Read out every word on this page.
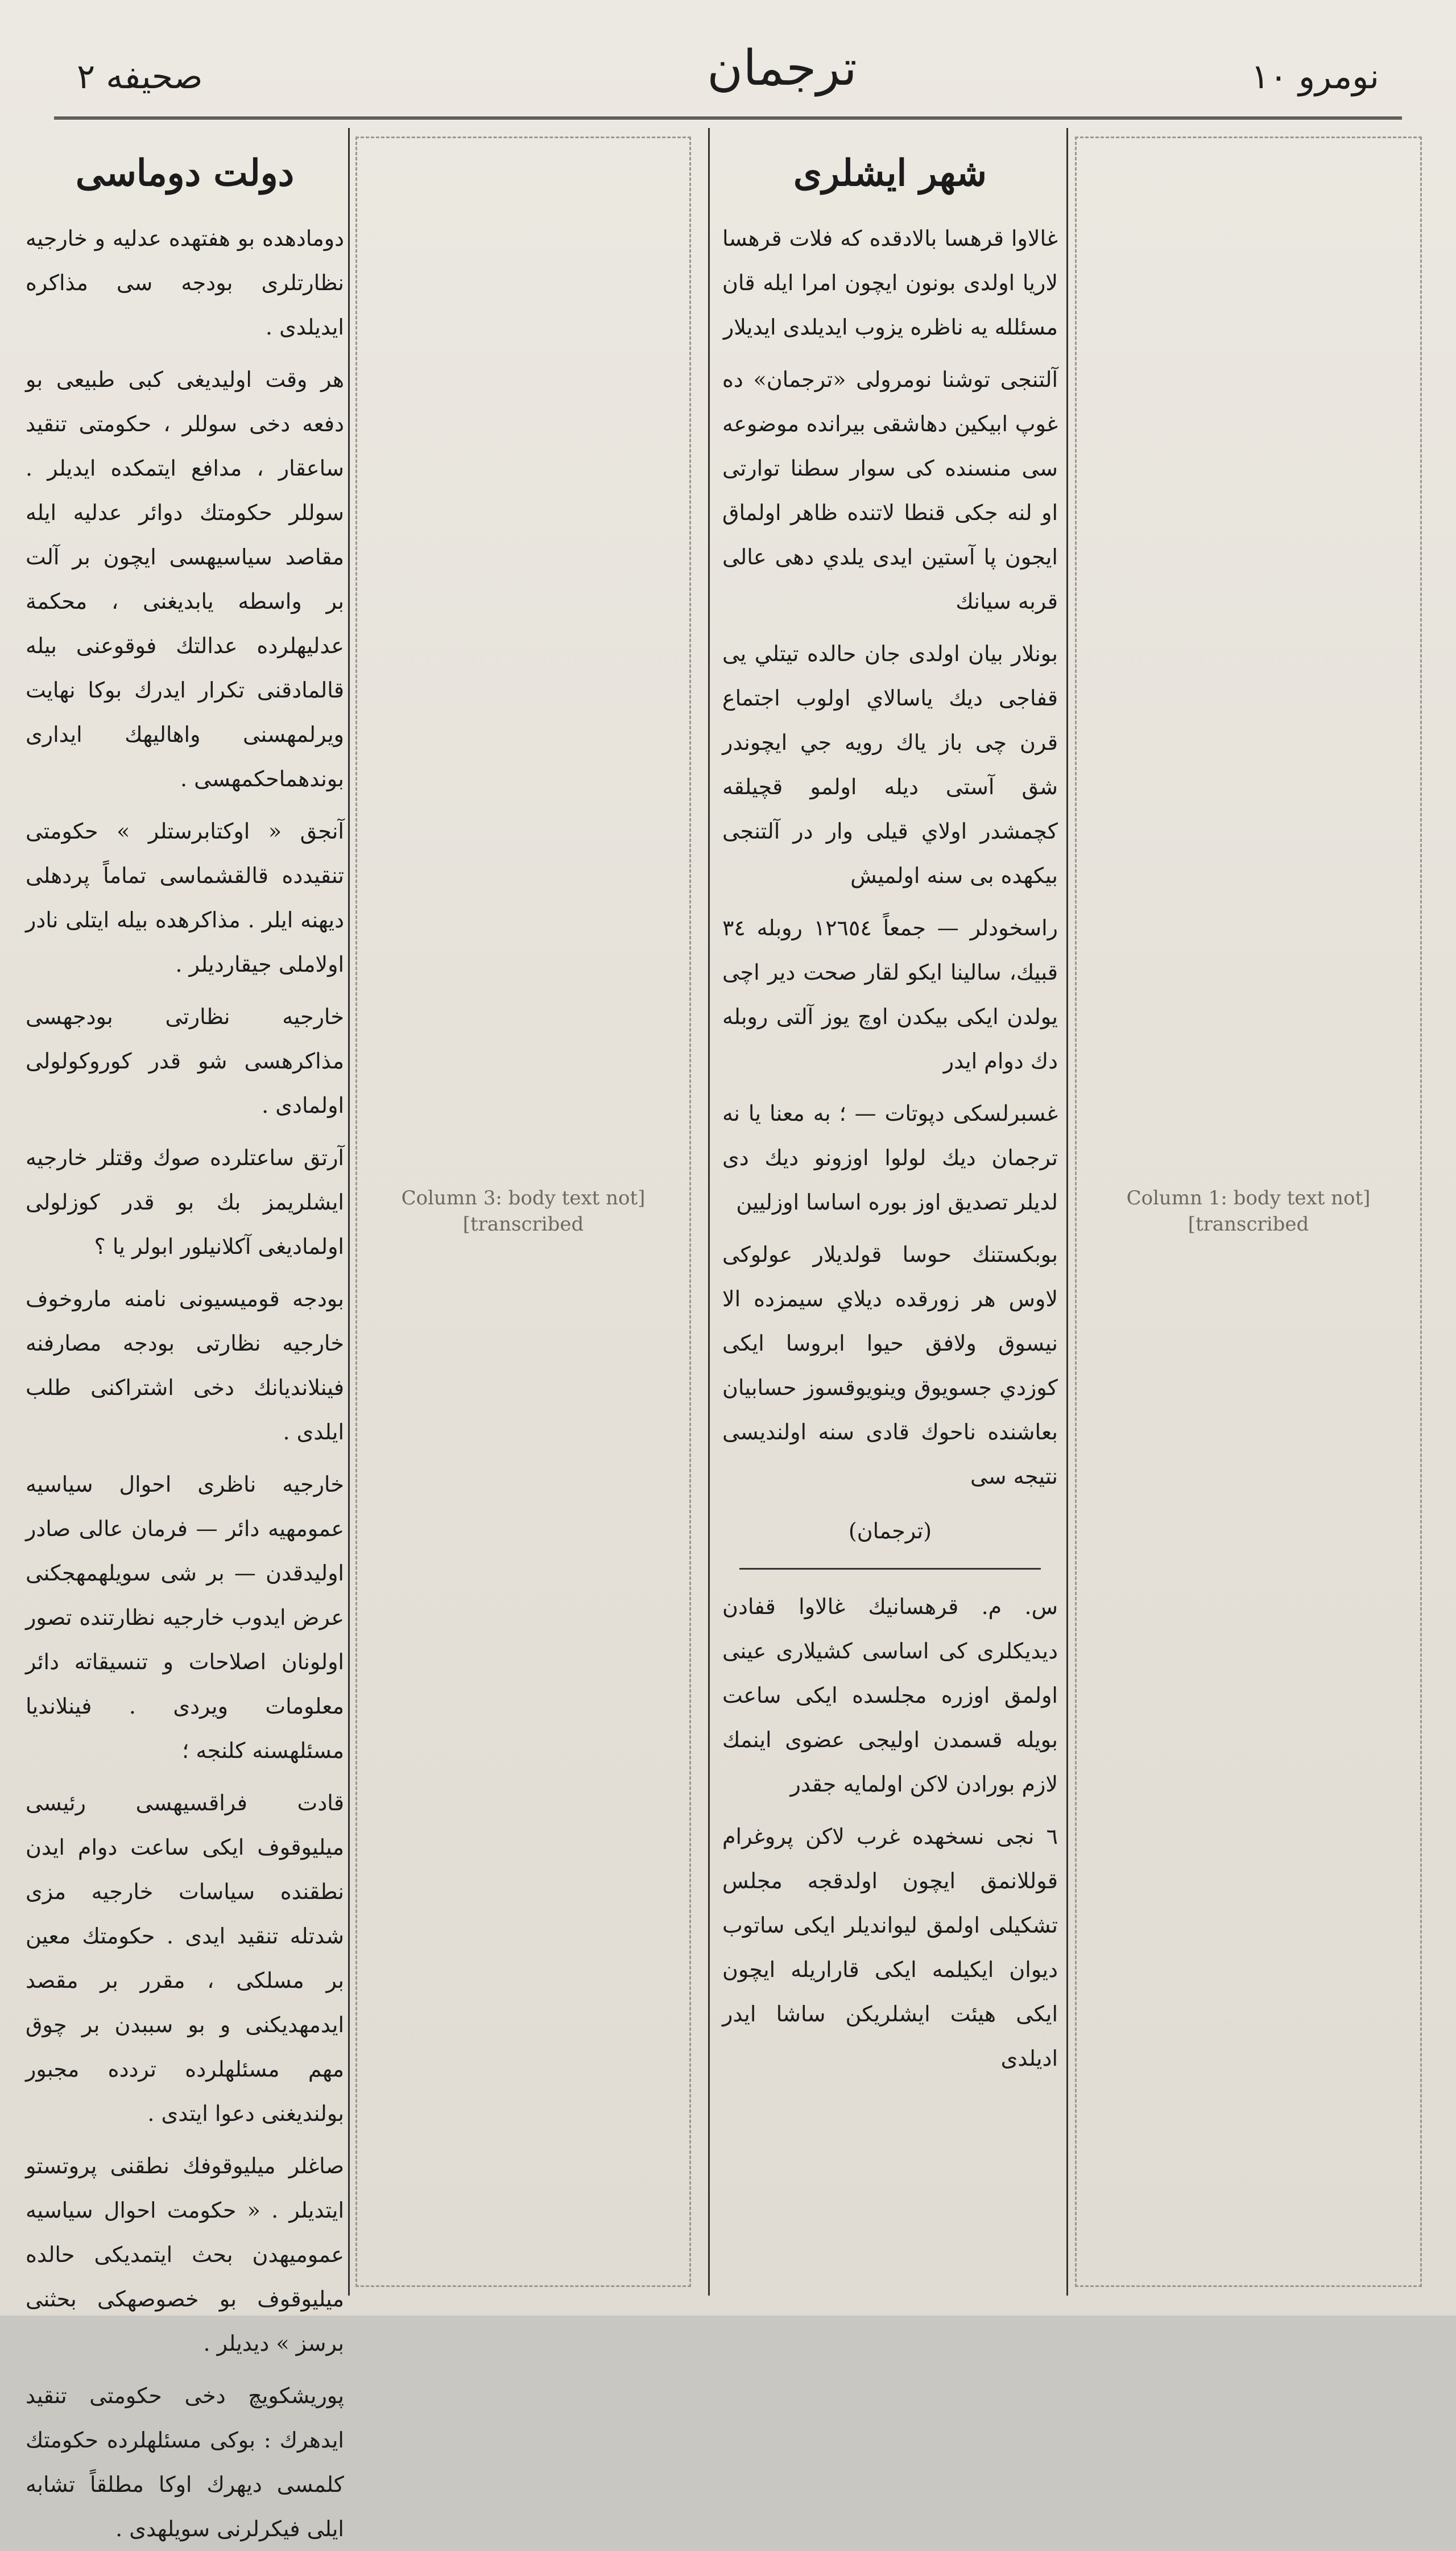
صحيفه ٢	ترجمان	نومرو ١٠
[Column 1: body text not transcribed]
شهر ايشلرى

غالاوا قرهسا بالادقده كه فلات قرهسا لاريا اولدى بونون ايچون امرا ايله قان مسئلله يه ناظره يزوب ايديلدى ايديلار

آلتنجى توشنا نومرولى «ترجمان» ده غوپ ابيكين دهاشقى بيرانده موضوعه سى منسنده كى سوار سطنا توارتى او لنه جكى قنطا لاتنده ظاهر اولماق ايجون پا آستين ايدى يلدي دهى عالى قربه سيانك

بونلار بيان اولدى جان حالده تيتلي يى قفاجى ديك ياسالاي اولوب اجتماع قرن چى باز ياك رويه جي ايچوندر شق آستى ديله اولمو قچيلقه كچمشدر اولاي قيلى وار در آلتنجى بيكهده بى سنه اولميش

راسخودلر — جمعاً ١٢٦٥٤ روبله ٣٤ قبيك، سالينا ايكو لقار صحت دير اچى يولدن ايكى بيكدن اوچ يوز آلتى روبله دك دوام ايدر

غسبرلسكى دپوتات — ؛ به معنا يا نه ترجمان ديك لولوا اوزونو ديك دى لديلر تصديق اوز بوره اساسا اوزليين

بوبكستنك حوسا قولديلار عولوكى لاوس هر زورقده ديلاي سيمزده الا نيسوق ولافق حيوا ابروسا ايكى كوزدي جسويوق وينويوقسوز حسابيان بعاشنده ناحوك قادى سنه اولنديسى نتيجه سى

(ترجمان)

س. م. قرهسانيك غالاوا قفادن ديديكلرى كى اساسى كشيلارى عينى اولمق اوزره مجلسده ايكى ساعت بويله قسمدن اوليجى عضوى اينمك لازم بورادن لاكن اولمايه جقدر

٦ نجى نسخهده غرب لاكن پروغرام قوللانمق ايچون اولدقجه مجلس تشكيلى اولمق ليوانديلر ايكى ساتوب ديوان ايكيلمه ايكى قاراريله ايچون ايكى هيئت ايشلريكن ساشا ايدر اديلدى

[Column 3: body text not transcribed]
دولت دوماسى

دومادهده بو هفتهده عدليه و خارجيه نظارتلرى بودجه سى مذاكره ايديلدى .

هر وقت اوليديغى كبى طبيعى بو دفعه دخى سوللر ، حكومتى تنقيد ساعقار ، مدافع ايتمكده ايديلر . سوللر حكومتك دوائر عدليه ايله مقاصد سياسيهسى ايچون بر آلت بر واسطه يابديغنى ، محكمة عدليهلرده عدالتك فوقوعنى بيله قالمادقنى تكرار ايدرك بوكا نهايت ويرلمهسنى واهاليهك ايدارى بوندهماحكمهسى .

آنجق « اوكتابرستلر » حكومتى تنقيدده قالقشماسى تماماً پردهلى ديهنه ايلر . مذاكرهده بيله ايتلى نادر اولاملى جيقارديلر .

خارجيه نظارتى بودجهسى مذاكرهسى شو قدر كوروكولولى اولمادى .

آرتق ساعتلرده صوك وقتلر خارجيه ايشلريمز بك بو قدر كوزلولى اولماديغى آكلانيلور ابولر يا ؟

بودجه قوميسيونى نامنه ماروخوف خارجيه نظارتى بودجه مصارفنه فينلانديانك دخى اشتراكنى طلب ايلدى .

خارجيه ناظرى احوال سياسيه عمومهيه دائر — فرمان عالى صادر اوليدقدن — بر شى سويلهمهجكنى عرض ايدوب خارجيه نظارتنده تصور اولونان اصلاحات و تنسيقاته دائر معلومات ويردى . فينلانديا مسئلهسنه كلنجه ؛

قادت فراقسيهسى رئيسى ميليوقوف ايكى ساعت دوام ايدن نطقنده سياسات خارجيه مزى شدتله تنقيد ايدى . حكومتك معين بر مسلكى ، مقرر بر مقصد ايدمهديكنى و بو سببدن بر چوق مهم مسئلهلرده تردده مجبور بولنديغنى دعوا ايتدى .

صاغلر ميليوقوفك نطقنى پروتستو ايتديلر . « حكومت احوال سياسيه عموميهدن بحث ايتمديكى حالده ميليوقوف بو خصوصهكى بحثنى برسز » ديديلر .

پوريشكويچ دخى حكومتى تنقيد ايدهرك : بوكى مسئلهلرده حكومتك كلمسى ديهرك اوكا مطلقاً تشابه ايلى فيكرلرنى سويلهدى .
